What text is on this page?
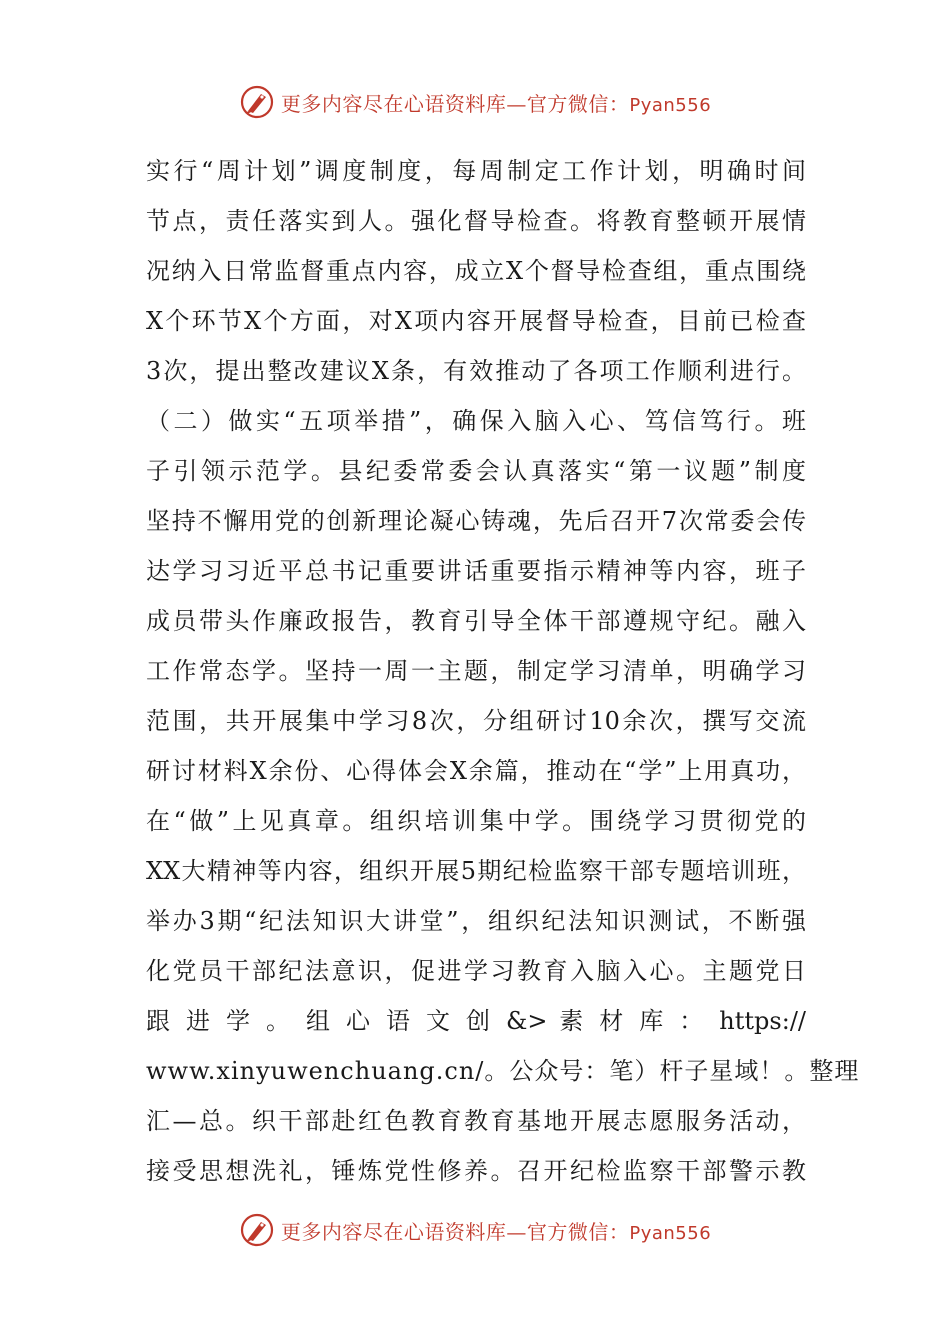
更多内容尽在心语资料库—官方微信：Pyan556
实行“周计划”调度制度，每周制定工作计划，明确时间
节点，责任落实到人。强化督导检查。将教育整顿开展情
况纳入日常监督重点内容，成立X个督导检查组，重点围绕
X个环节X个方面，对X项内容开展督导检查，目前已检查
3次，提出整改建议X条，有效推动了各项工作顺利进行。
（二）做实“五项举措”，确保入脑入心、笃信笃行。班
子引领示范学。县纪委常委会认真落实“第一议题”制度
坚持不懈用党的创新理论凝心铸魂，先后召开7次常委会传
达学习习近平总书记重要讲话重要指示精神等内容，班子
成员带头作廉政报告，教育引导全体干部遵规守纪。融入
工作常态学。坚持一周一主题，制定学习清单，明确学习
范围，共开展集中学习8次，分组研讨10余次，撰写交流
研讨材料X余份、心得体会X余篇，推动在“学”上用真功，
在“做”上见真章。组织培训集中学。围绕学习贯彻党的
XX大精神等内容，组织开展5期纪检监察干部专题培训班，
举办3期“纪法知识大讲堂”，组织纪法知识测试，不断强
化党员干部纪法意识，促进学习教育入脑入心。主题党日
跟 进 学 。 组 心 语 文 创 &> 素 材 库 ： https://
www.xinyuwenchuang.cn/。公众号：笔）杆子星域！。整理
汇—总。织干部赴红色教育教育基地开展志愿服务活动，
接受思想洗礼，锤炼党性修养。召开纪检监察干部警示教
更多内容尽在心语资料库—官方微信：Pyan556
